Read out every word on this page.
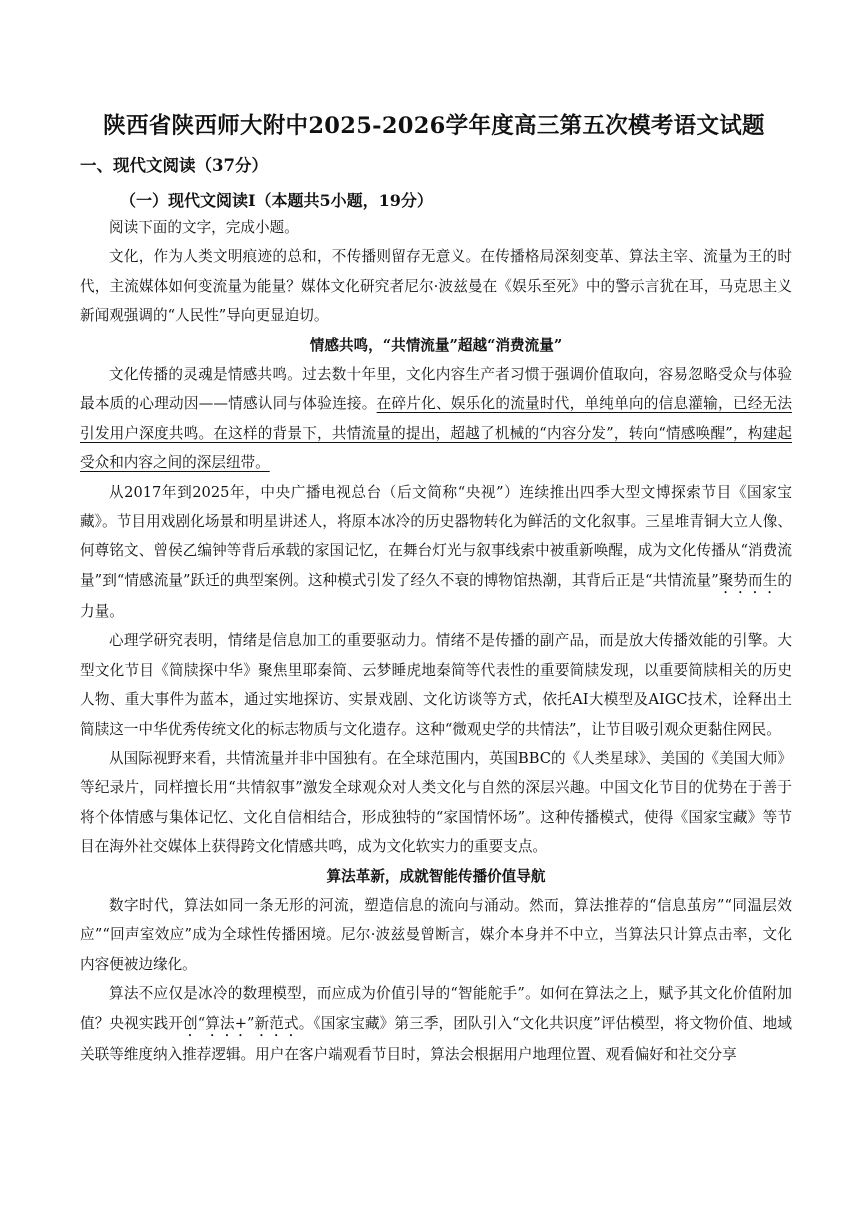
陕西省陕西师大附中2025-2026学年度高三第五次模考语文试题
一、现代文阅读（37分）
（一）现代文阅读Ⅰ（本题共5小题，19分）

阅读下面的文字，完成小题。

文化，作为人类文明痕迹的总和，不传播则留存无意义。在传播格局深刻变革、算法主宰、流量为王的时代，主流媒体如何变流量为能量？媒体文化研究者尼尔·波兹曼在《娱乐至死》中的警示言犹在耳，马克思主义新闻观强调的“人民性”导向更显迫切。

情感共鸣，“共情流量”超越“消费流量”

文化传播的灵魂是情感共鸣。过去数十年里，文化内容生产者习惯于强调价值取向，容易忽略受众与体验最本质的心理动因——情感认同与体验连接。在碎片化、娱乐化的流量时代，单纯单向的信息灌输，已经无法引发用户深度共鸣。在这样的背景下，共情流量的提出，超越了机械的“内容分发”，转向“情感唤醒”，构建起受众和内容之间的深层纽带。

从2017年到2025年，中央广播电视总台（后文简称“央视”）连续推出四季大型文博探索节目《国家宝藏》。节目用戏剧化场景和明星讲述人，将原本冰冷的历史器物转化为鲜活的文化叙事。三星堆青铜大立人像、何尊铭文、曾侯乙编钟等背后承载的家国记忆，在舞台灯光与叙事线索中被重新唤醒，成为文化传播从“消费流量”到“情感流量”跃迁的典型案例。这种模式引发了经久不衰的博物馆热潮，其背后正是“共情流量”聚势而生的力量。

心理学研究表明，情绪是信息加工的重要驱动力。情绪不是传播的副产品，而是放大传播效能的引擎。大型文化节目《简牍探中华》聚焦里耶秦简、云梦睡虎地秦简等代表性的重要简牍发现，以重要简牍相关的历史人物、重大事件为蓝本，通过实地探访、实景戏剧、文化访谈等方式，依托AI大模型及AIGC技术，诠释出土简牍这一中华优秀传统文化的标志物质与文化遗存。这种“微观史学的共情法”，让节目吸引观众更黏住网民。

从国际视野来看，共情流量并非中国独有。在全球范围内，英国BBC的《人类星球》、美国的《美国大师》等纪录片，同样擅长用“共情叙事”激发全球观众对人类文化与自然的深层兴趣。中国文化节目的优势在于善于将个体情感与集体记忆、文化自信相结合，形成独特的“家国情怀场”。这种传播模式，使得《国家宝藏》等节目在海外社交媒体上获得跨文化情感共鸣，成为文化软实力的重要支点。

算法革新，成就智能传播价值导航

数字时代，算法如同一条无形的河流，塑造信息的流向与涌动。然而，算法推荐的“信息茧房”“同温层效应”“回声室效应”成为全球性传播困境。尼尔·波兹曼曾断言，媒介本身并不中立，当算法只计算点击率，文化内容便被边缘化。

算法不应仅是冰冷的数理模型，而应成为价值引导的“智能舵手”。如何在算法之上，赋予其文化价值附加值？央视实践开创“算法+”新范式。《国家宝藏》第三季，团队引入“文化共识度”评估模型，将文物价值、地域关联等维度纳入推荐逻辑。用户在客户端观看节目时，算法会根据用户地理位置、观看偏好和社交分享
